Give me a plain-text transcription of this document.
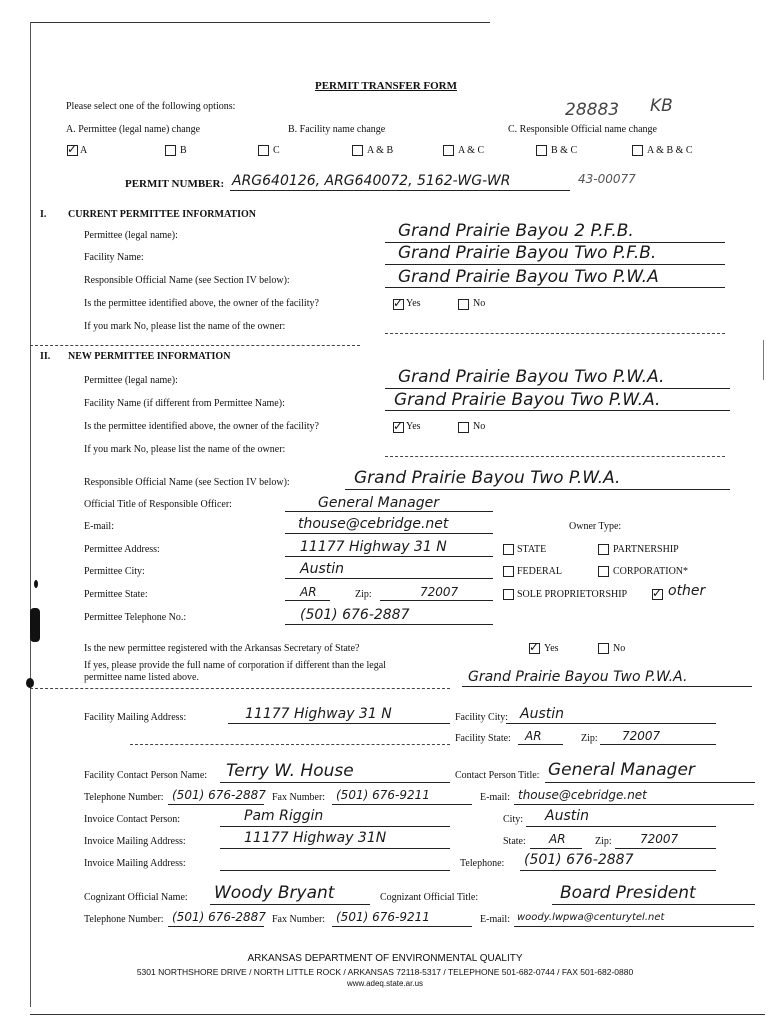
28883 KB
PERMIT TRANSFER FORM
Please select one of the following options:
A. Permittee (legal name) change	B. Facility name change	C. Responsible Official name change
✓ A	B	C	A & B	A & C	B & C	A & B & C
PERMIT NUMBER: ARG640126, ARG640072, 5162-WG-WR	43-00077
I. CURRENT PERMITTEE INFORMATION
Permittee (legal name):	Grand Prairie Bayou 2 P.F.B.
Facility Name:	Grand Prairie Bayou Two P.F.B.
Responsible Official Name (see Section IV below):	Grand Prairie Bayou Two P.W.A
Is the permittee identified above, the owner of the facility?	✓ Yes	No
If you mark No, please list the name of the owner:
II. NEW PERMITTEE INFORMATION
Permittee (legal name):	Grand Prairie Bayou Two P.W.A.
Facility Name (if different from Permittee Name):	Grand Prairie Bayou Two P.W.A.
Is the permittee identified above, the owner of the facility?	✓ Yes	No
If you mark No, please list the name of the owner:
Responsible Official Name (see Section IV below):	Grand Prairie Bayou Two P.W.A.
Official Title of Responsible Officer:	General Manager
E-mail:	thouse@cebridge.net	Owner Type:
Permittee Address:	11177 Highway 31 N	STATE	PARTNERSHIP
Permittee City:	Austin	FEDERAL	CORPORATION*
Permittee State:	AR	Zip:	72007	SOLE PROPRIETORSHIP ✓ other
Permittee Telephone No.:	(501) 676-2887
Is the new permittee registered with the Arkansas Secretary of State?	✓ Yes	No
If yes, please provide the full name of corporation if different than the legal
permittee name listed above.	Grand Prairie Bayou Two P.W.A.
Facility Mailing Address:	11177 Highway 31 N	Facility City: Austin
Facility State: AR	Zip: 72007
Facility Contact Person Name: Terry W. House	Contact Person Title: General Manager
Telephone Number: (501) 676-2887 Fax Number: (501) 676-9211	E-mail: thouse@cebridge.net
Invoice Contact Person:	Pam Riggin	City: Austin
Invoice Mailing Address:	11177 Highway 31N	State: AR	Zip: 72007
Invoice Mailing Address:	Telephone: (501) 676-2887
Cognizant Official Name: Woody Bryant	Cognizant Official Title:	Board President
Telephone Number: (501) 676-2887 Fax Number: (501) 676-9211	E-mail: woody.lwpwa@centurytel.net
ARKANSAS DEPARTMENT OF ENVIRONMENTAL QUALITY
5301 NORTHSHORE DRIVE / NORTH LITTLE ROCK / ARKANSAS 72118-5317 / TELEPHONE 501-682-0744 / FAX 501-682-0880
www.adeq.state.ar.us
